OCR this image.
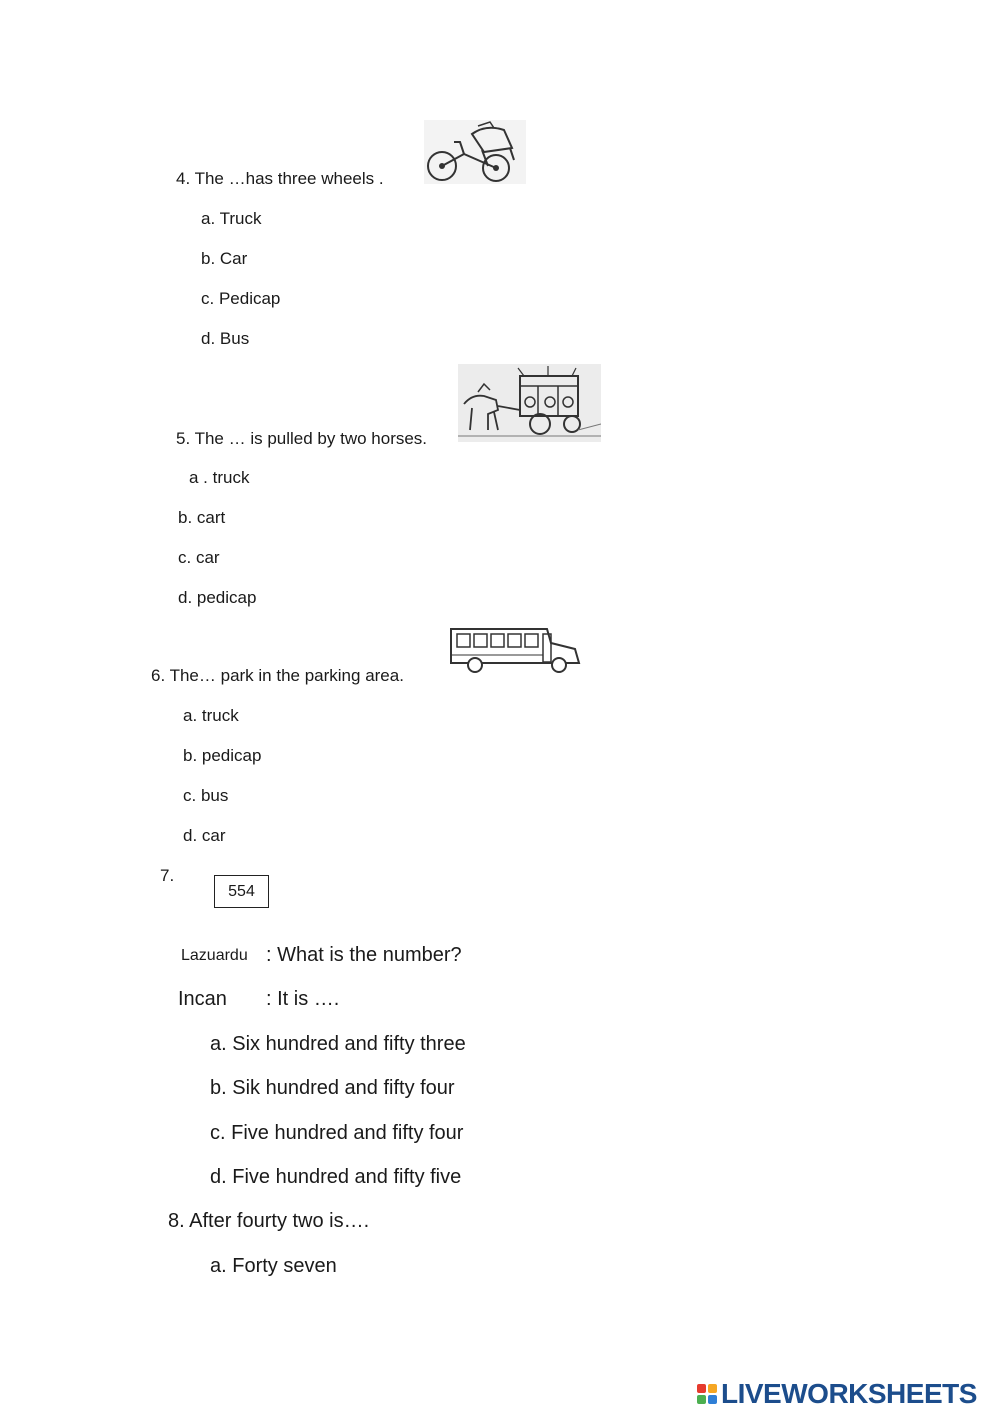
4. The …has three wheels .
a. Truck
b. Car
c. Pedicap
d. Bus
5. The … is pulled by two horses.
a . truck
b. cart
c. car
d. pedicap
6. The… park in the parking area.
a. truck
b. pedicap
c. bus
d. car
7.
554
Lazuardu : What is the number?
Incan : It is ….
a. Six hundred and fifty three
b. Sik hundred and fifty four
c. Five hundred and fifty four
d. Five hundred and fifty five
8. After fourty two is….
a. Forty seven
LIVEWORKSHEETS
